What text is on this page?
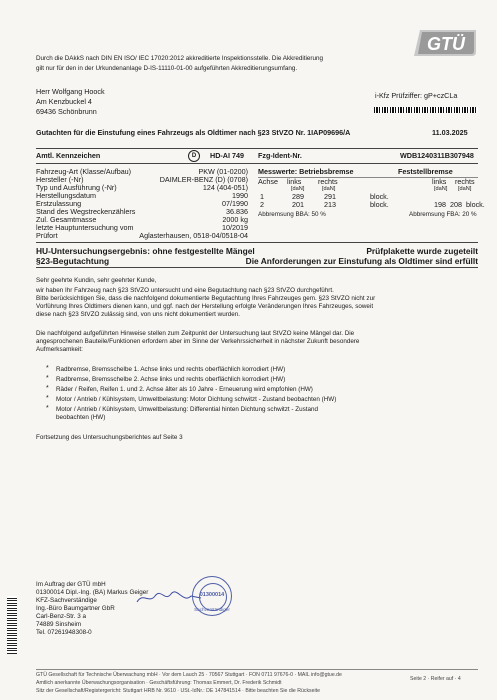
Durch die DAkkS nach DIN EN ISO/ IEC 17020:2012 akkreditierte Inspektionsstelle. Die Akkreditierung
gilt nur für den in der Urkundenanlage D-IS-11110-01-00 aufgeführten Akkreditierungsumfang.
GTÜ
Herr Wolfgang Hoock
Am Kenzbuckel 4
69436 Schönbrunn
i-Kfz Prüfziffer: gP+czCLa
Gutachten für die Einstufung eines Fahrzeugs als Oldtimer nach §23 StVZO Nr. 1IAP09696/A	11.03.2025
Amtl. Kennzeichen	D	HD-AI 749 Fzg-Ident-Nr.	WDB1240311B307948
Fahrzeug-Art (Klasse/Aufbau)	PKW (01-0200)
Hersteller (-Nr)	DAIMLER-BENZ (D) (0708)
Typ und Ausführung (-Nr)	124 (404-051)
Herstellungsdatum	1990
Erstzulassung	07/1990
Stand des Wegstreckenzählers	36.836
Zul. Gesamtmasse	2000 kg
letzte Hauptuntersuchung vom	10/2019
Prüfort	Aglasterhausen, 0518-04/0518-04
Messwerte: Betriebsbremse	Feststellbremse
Achse links rechts	links rechts
[daN]	[daN]	[daN] [daN]
1	289	291	block.
2	201	213	block.	198 208 block.
Abbremsung BBA: 50 %	Abbremsung FBA: 20 %
HU-Untersuchungsergebnis: ohne festgestellte Mängel
§23-Begutachtung
Prüfplakette wurde zugeteilt
Die Anforderungen zur Einstufung als Oldtimer sind erfüllt
Sehr geehrte Kundin, sehr geehrter Kunde,
wir haben Ihr Fahrzeug nach §23 StVZO untersucht und eine Begutachtung nach §23 StVZO durchgeführt.
Bitte berücksichtigen Sie, dass die nachfolgend dokumentierte Begutachtung Ihres Fahrzeuges gem. §23 StVZO nicht zur
Vorführung Ihres Oldtimers dienen kann, und ggf. nach der Herstellung erfolgte Veränderungen Ihres Fahrzeuges, soweit
diese nach §23 StVZO zulässig sind, von uns nicht dokumentiert wurden.
Die nachfolgend aufgeführten Hinweise stellen zum Zeitpunkt der Untersuchung laut StVZO keine Mängel dar. Die
angesprochenen Bauteile/Funktionen erfordern aber im Sinne der Verkehrssicherheit in nächster Zukunft besondere
Aufmerksamkeit:
* Radbremse, Bremsschelbe 1. Achse links und rechts oberflächlich korrodiert (HW)
* Radbremse, Bremsschelbe 2. Achse links und rechts oberflächlich korrodiert (HW)
* Räder / Reifen, Reifen 1. und 2. Achse älter als 10 Jahre - Erneuerung wird empfohlen (HW)
* Motor / Antrieb / Kühlsystem, Umweltbelastung: Motor Dichtung schwitzt - Zustand beobachten (HW)
* Motor / Antrieb / Kühlsystem, Umweltbelastung: Differential hinten Dichtung schwitzt - Zustand
beobachten (HW)
Fortsetzung des Untersuchungsberichtes auf Seite 3
Im Auftrag der GTÜ mbH
01300014 Dipl.-Ing. (BA) Markus Geiger
KFZ-Sachverständige
Ing.-Büro Baumgartner GbR
Carl-Benz-Str. 3 a
74889 Sinsheim
Tel. 07261948308-0
01300014
Sachverständiger
GTÜ Gesellschaft für Technische Überwachung mbH · Vor dem Lauch 25 · 70567 Stuttgart · FON 0711 97676-0 · MAIL info@gtue.de
Amtlich anerkannte Überwachungsorganisation · Geschäftsführung: Thomas Emmert, Dr. Frederik Schmidt
Sitz der Gesellschaft/Registergericht: Stuttgart HRB Nr. 9610 · USt.-IdNr.: DE 147841514 · Bitte beachten Sie die Rückseite
Seite 2 · Reifer auf · 4
